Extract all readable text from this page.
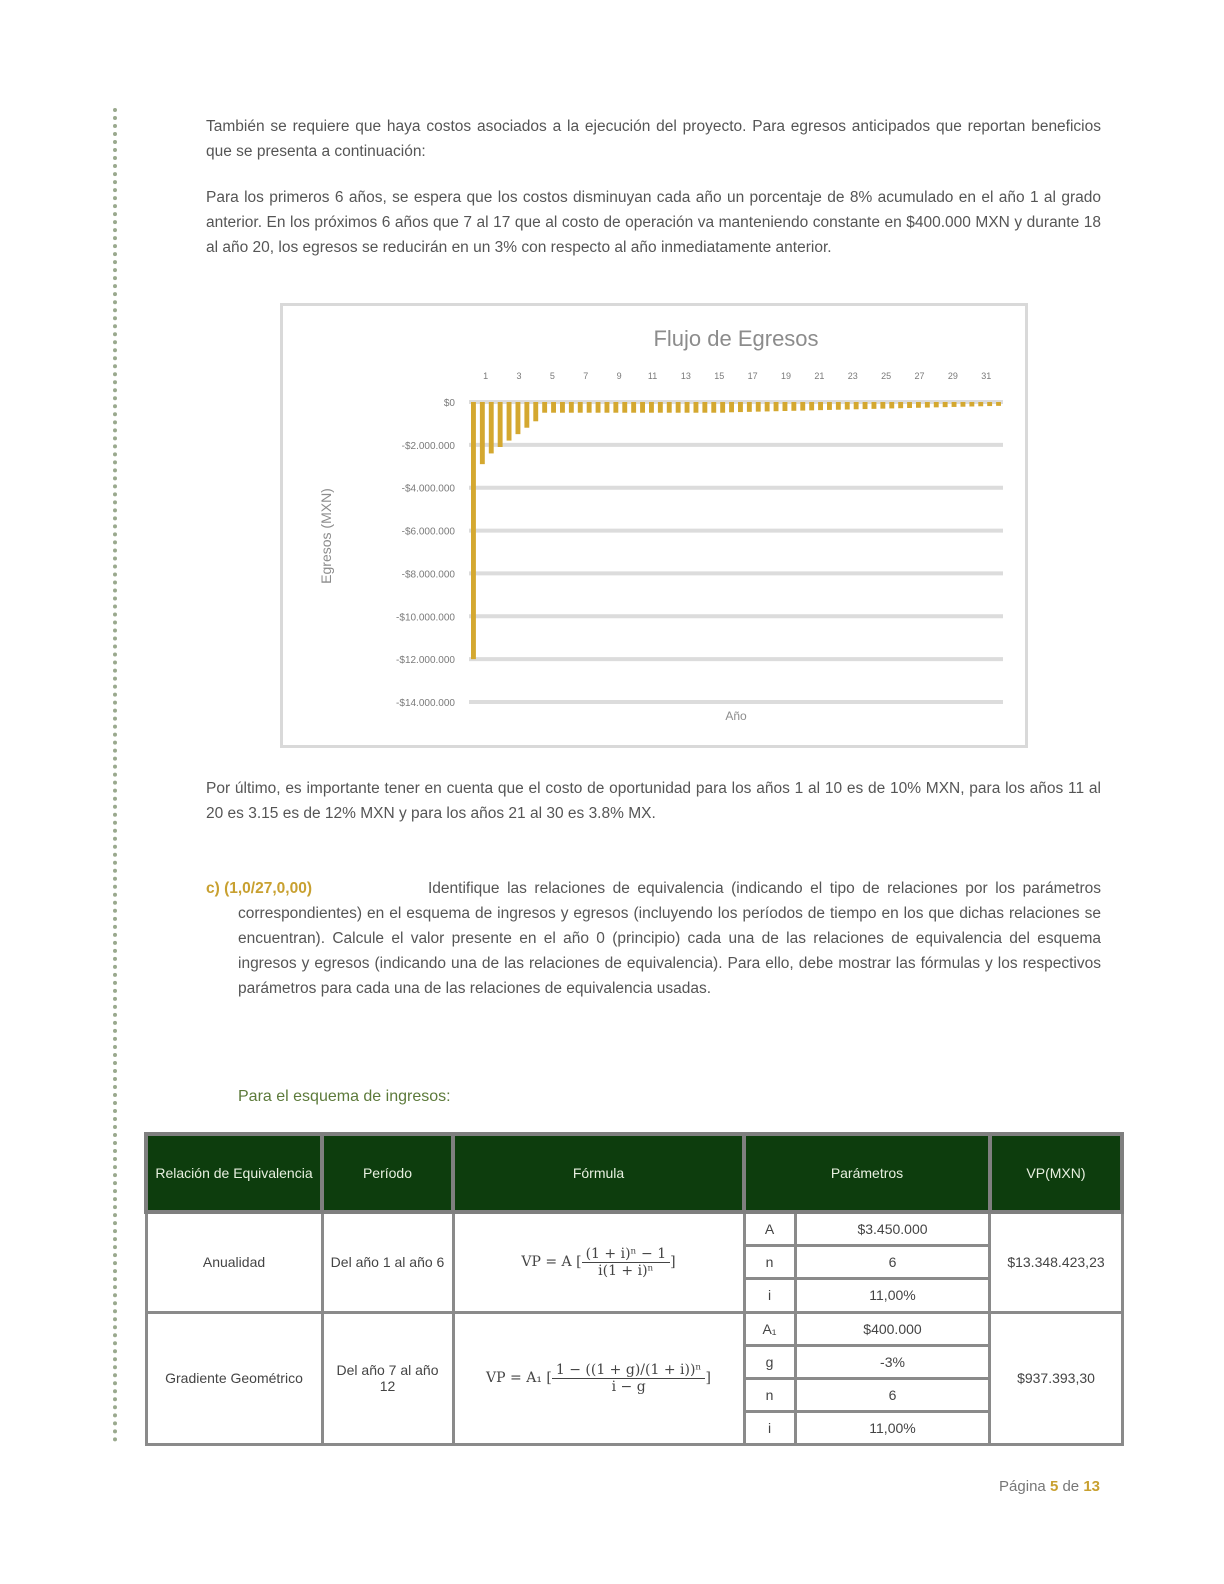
También se requiere que haya costos asociados a la ejecución del proyecto. Para egresos anticipados que reportan beneficios que se presenta a continuación:

Para los primeros 6 años, se espera que los costos disminuyan cada año un porcentaje de 8% acumulado en el año 1 al grado anterior. En los próximos 6 años que 7 al 17 que al costo de operación va manteniendo constante en $400.000 MXN y durante 18 al año 20, los egresos se reducirán en un 3% con respecto al año inmediatamente anterior.

Flujo de Egresos
$0
-$2.000.000
-$4.000.000
-$6.000.000
-$8.000.000
-$10.000.000
-$12.000.000
-$14.000.000
1	3	5	7	9	11	13	15	17	19	21	23	25	27	29	31
Egresos (MXN)
Año

Por último, es importante tener en cuenta que el costo de oportunidad para los años 1 al 10 es de 10% MXN, para los años 11 al 20 es 3.15 es de 12% MXN y para los años 21 al 30 es 3.8% MX.

c) (1,0/27,0,00)	Identifique las relaciones de equivalencia (indicando el tipo de relaciones por los parámetros correspondientes) en el esquema de ingresos y egresos (incluyendo los períodos de tiempo en los que dichas relaciones se encuentran). Calcule el valor presente en el año 0 (principio) cada una de las relaciones de equivalencia del esquema ingresos y egresos (indicando una de las relaciones de equivalencia). Para ello, debe mostrar las fórmulas y los respectivos parámetros para cada una de las relaciones de equivalencia usadas.
Para el esquema de ingresos:
Relación de Equivalencia	Período	Fórmula	Parámetros		VP(MXN)
Anualidad	Del año 1 al año 6	VP = A [ $\frac{\text{(1 + i)ⁿ − 1}}{\text{i(1 + i)ⁿ}}$ ]	A	$3.450.000	$13.348.423,23
			n	6	
			i	11,00%	
Gradiente Geométrico	Del año 7 al año 12	VP = A₁ [ $\frac{\text{1 − ((1 + g)/(1 + i))ⁿ}}{i - g}$ ]	A₁	$400.000	$937.393,30
			g	-3%	
			n	6	
			i	11,00%	
Página 5 de 13
